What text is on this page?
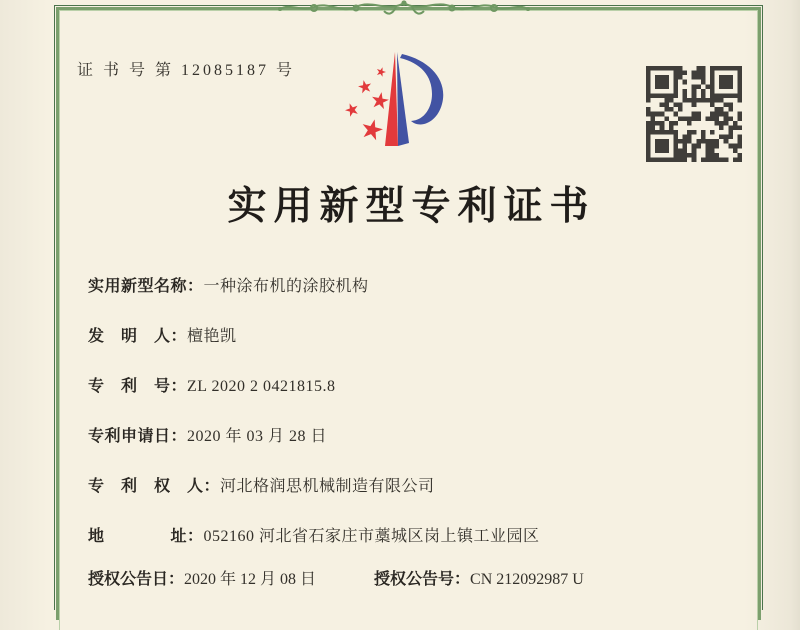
证 书 号 第 12085187 号
实用新型专利证书
实用新型名称：一种涂布机的涂胶机构
发　明　人：檀艳凯
专　利　号：ZL 2020 2 0421815.8
专利申请日：2020 年 03 月 28 日
专　利　权　人：河北格润思机械制造有限公司
地　　　　址：052160 河北省石家庄市藁城区岗上镇工业园区
授权公告日：2020 年 12 月 08 日	授权公告号：CN 212092987 U
